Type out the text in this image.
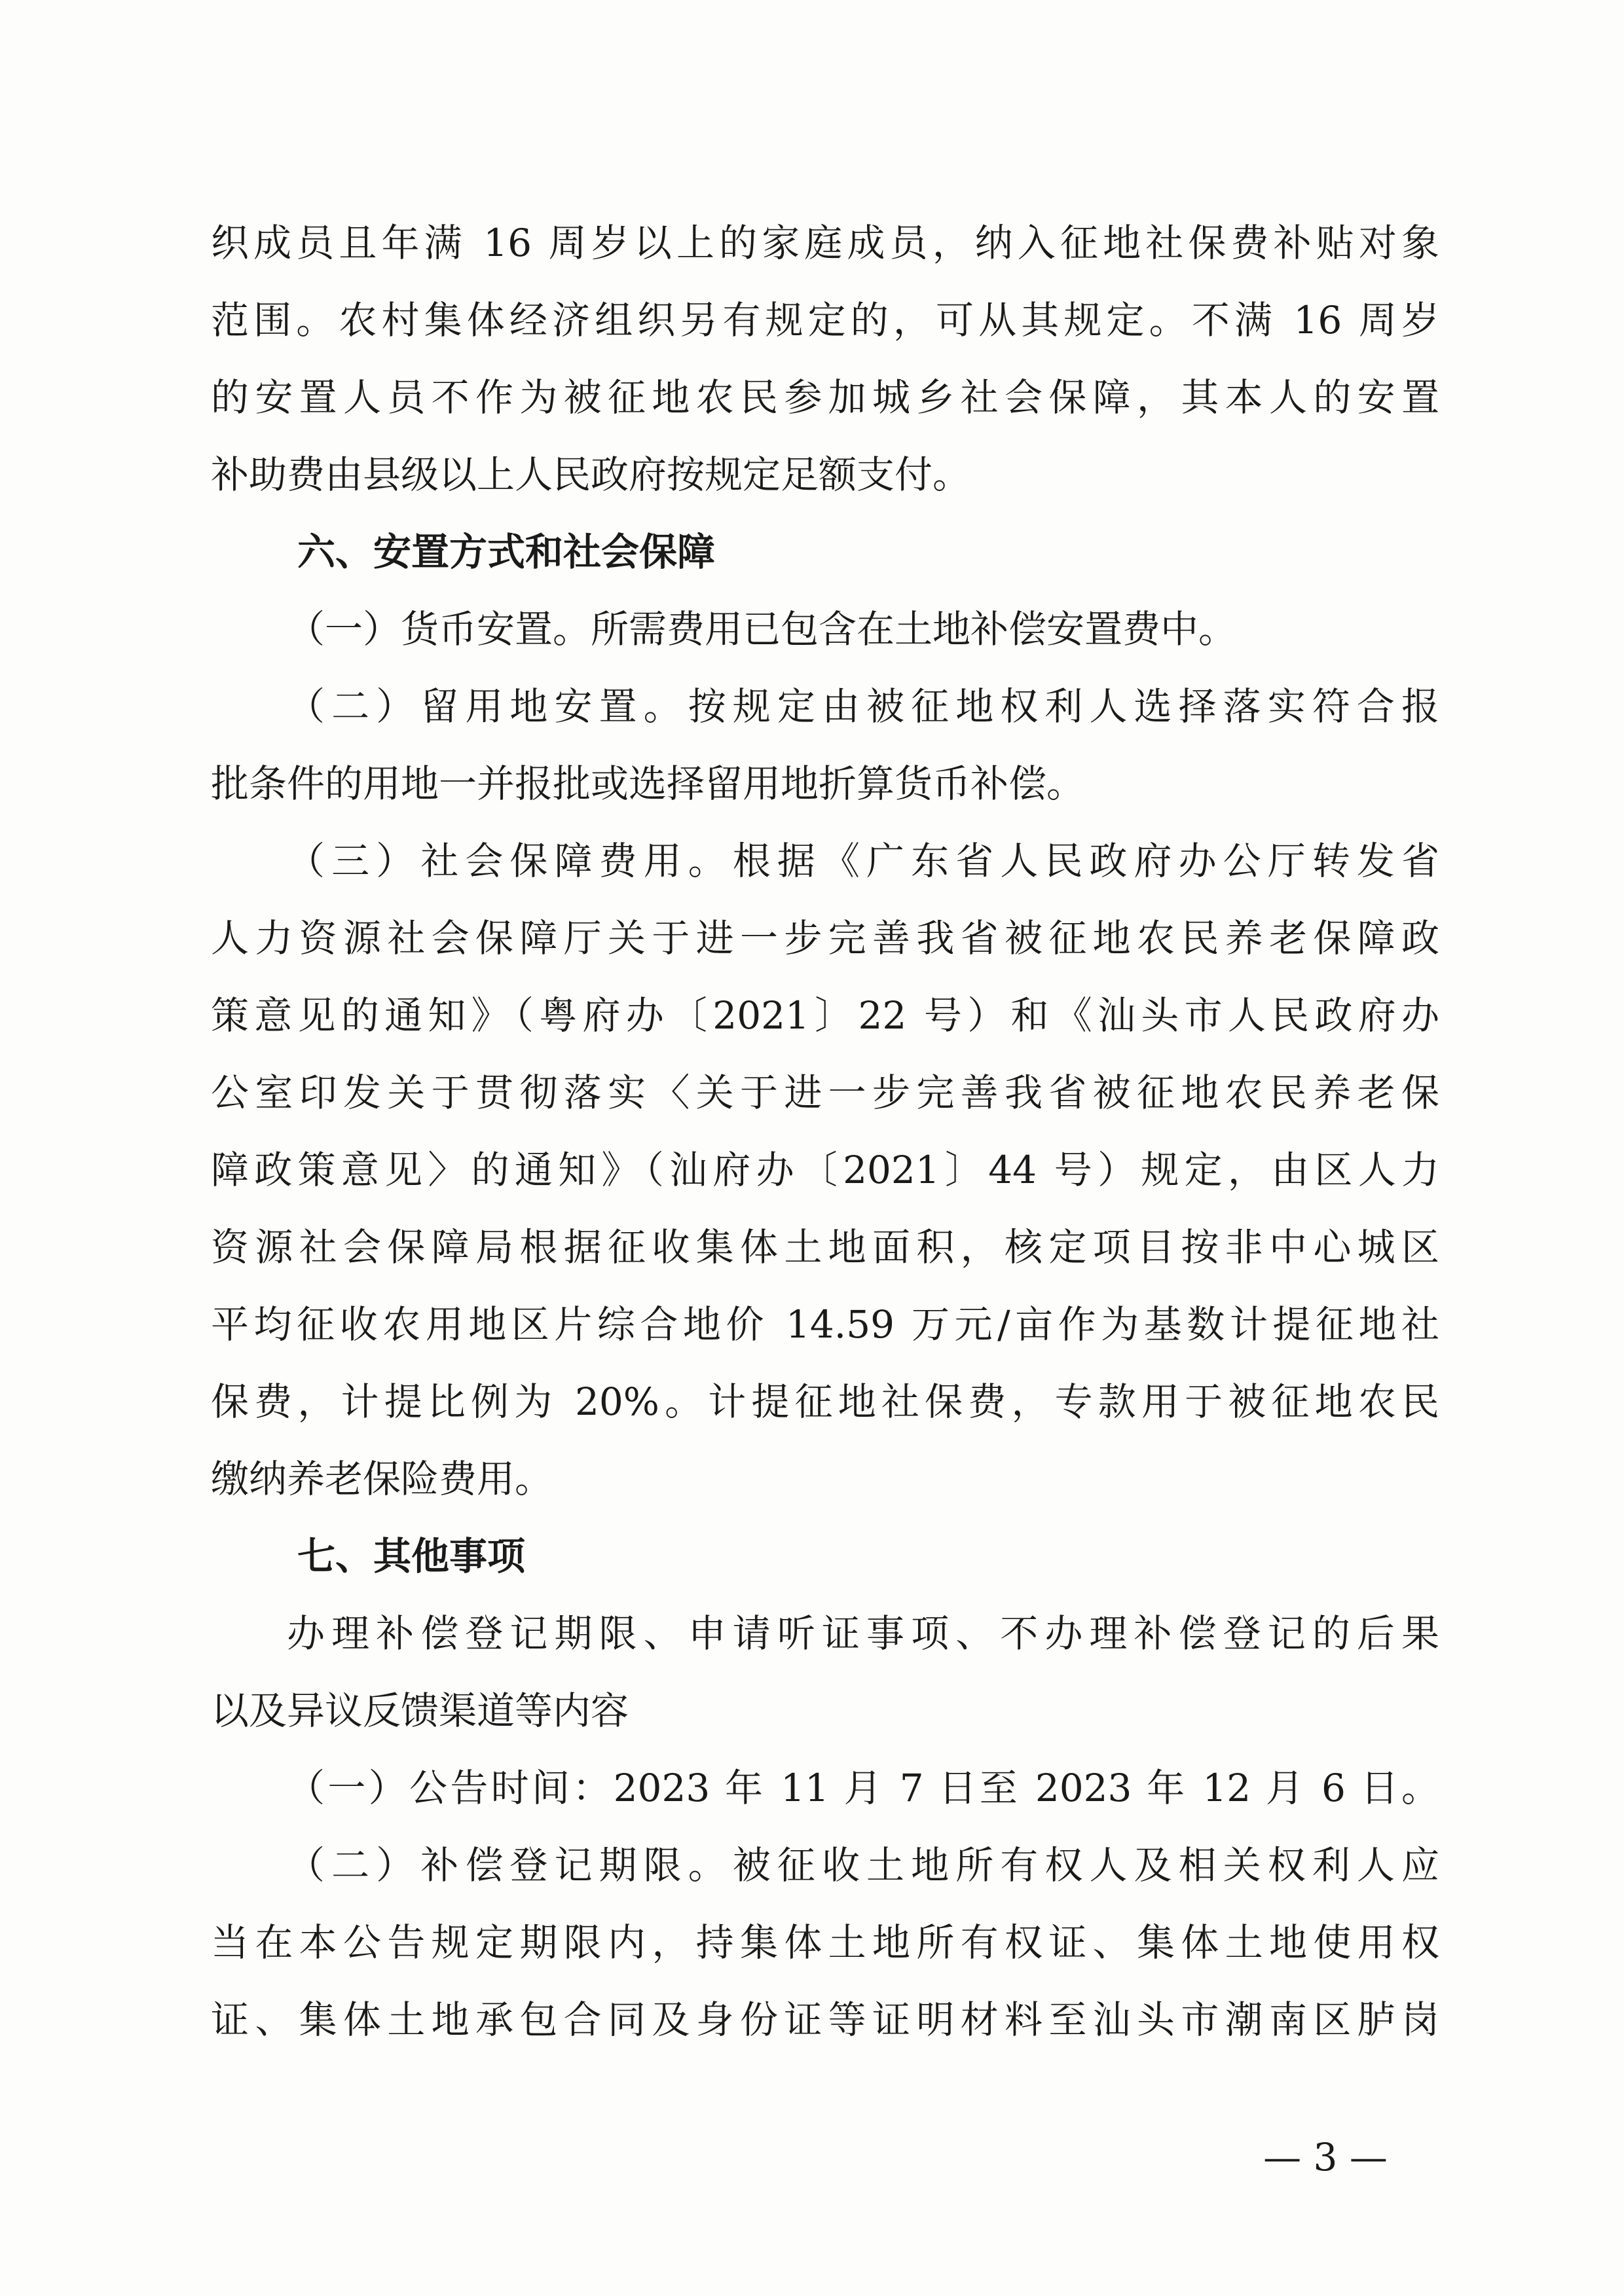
织成员且年满 16 周岁以上的家庭成员，纳入征地社保费补贴对象
范围。农村集体经济组织另有规定的，可从其规定。不满 16 周岁
的安置人员不作为被征地农民参加城乡社会保障，其本人的安置
补助费由县级以上人民政府按规定足额支付。
六、安置方式和社会保障
（一）货币安置。所需费用已包含在土地补偿安置费中。
（二）留用地安置。按规定由被征地权利人选择落实符合报
批条件的用地一并报批或选择留用地折算货币补偿。
（三）社会保障费用。根据《广东省人民政府办公厅转发省
人力资源社会保障厅关于进一步完善我省被征地农民养老保障政
策意见的通知》（粤府办〔2021〕22 号）和《汕头市人民政府办
公室印发关于贯彻落实〈关于进一步完善我省被征地农民养老保
障政策意见〉的通知》（汕府办〔2021〕44 号）规定，由区人力
资源社会保障局根据征收集体土地面积，核定项目按非中心城区
平均征收农用地区片综合地价 14.59 万元/亩作为基数计提征地社
保费，计提比例为 20%。计提征地社保费，专款用于被征地农民
缴纳养老保险费用。
七、其他事项
办理补偿登记期限、申请听证事项、不办理补偿登记的后果
以及异议反馈渠道等内容
（一）公告时间：2023 年 11 月 7 日至 2023 年 12 月 6 日。
（二）补偿登记期限。被征收土地所有权人及相关权利人应
当在本公告规定期限内，持集体土地所有权证、集体土地使用权
证、集体土地承包合同及身份证等证明材料至汕头市潮南区胪岗
— 3 —
